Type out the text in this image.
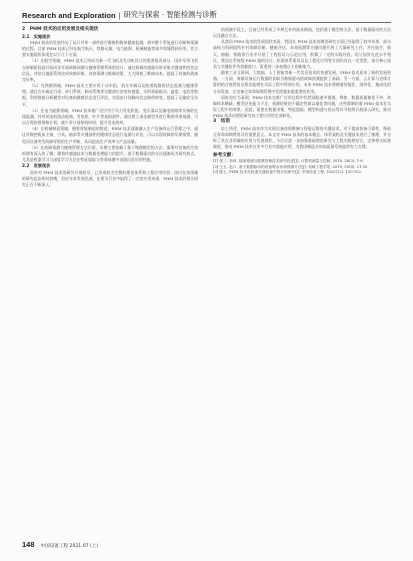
Research and Exploration | 研究与探索 · 智能检测与诊断
2　PHM 技术的应用发展及相关现状
2.1　实施现状

PHM 技术的发展经历了从只对单一部件进行维修和简单健康监测，到对整个系统进行诊断和预测的过程。目前 PHM 技术已经在航空航天、铁路运输、电力能源、机械制造等诸多领域得到应用，其主要实施现状体现在以下几个方面。

（1）在航空领域，PHM 技术已经成为新一代飞机及发动机设计的重要组成部分，国外军用飞机在研制阶段就开始同步开展故障预测与健康管理系统的设计，通过机载传感器实时采集关键部件的状态信息，并结合地面系统完成故障诊断、寿命预测与维修决策，大大降低了维修成本，提高了装备的战备完好率。

（2）在铁路领域，PHM 技术主要应用于动车组、机车车辆以及轨道线路的状态监测与健康管理。通过在车辆走行部、牵引系统、制动系统等关键部位安装传感器，实时获取振动、温度、电流等数据，利用数据分析模型对设备的健康状态进行评估，实现由计划修向状态修的转变，提高了运输安全水平。

（3）在电力能源领域，PHM 技术被广泛应用于风力发电机组、变压器以及输电线路等设备的在线监测。针对风电机组齿轮箱、发电机、叶片等易损部件，通过建立退化模型并进行剩余寿命预测，可以合理安排维修计划，减少非计划停机时间，提升发电效率。

（4）在机械制造领域，随着智能制造的推进，PHM 技术逐渐融入生产设备的运行管理之中。通过对数控机床主轴、刀具、轴承等关键部件的健康状态进行监测与评估，可以实现故障的早期预警，避免因设备突发故障导致的生产中断，从而提高生产效率与产品质量。

（5）在故障预测与健康管理方法层面，早期主要依赖于基于物理模型的方法，需要对设备的失效机理有深入的了解；随着传感器技术与数据处理能力的提升，基于数据驱动的方法逐渐成为研究热点，尤其是机器学习与深度学习方法在特征提取与寿命预测中表现出良好的性能。

2.2　发展现状

国外对 PHM 技术的研究开展较早，已形成较为完整的理论体系和工程应用经验；国内在该领域的研究起步相对较晚，但近年来发展迅速，在相关行业中取得了一定的应用成果，PHM 技术的相关研究正在不断深入。

的预测手段上，目前已经形成了多种互补的技术路线，包括基于模型的方法、基于数据驱动的方法以及融合方法。

从我国 PHM 技术的发展现状来看，我国在 PHM 技术的理论研究方面已经取得了较多成果，部分高校与科研院所针对故障诊断、健康评估、寿命预测等关键问题开展了大量研究工作，并在航空、航天、船舶、铁路等行业中开展了工程验证与示范应用，积累了一定的实践经验。但与国外先进水平相比，我国在系统级 PHM 架构设计、标准体系建设以及工程化应用等方面仍存在一定差距，部分核心技术与关键软件仍依赖进口，需要进一步加强自主创新能力。

随着工业互联网、大数据、人工智能等新一代信息技术的快速发展，PHM 技术迎来了新的发展机遇。一方面，海量设备运行数据的获取为数据驱动的故障预测提供了基础；另一方面，云计算与边缘计算的结合使得复杂算法能够在实际工程中得到应用。未来 PHM 技术将朝着智能化、网络化、集成化的方向发展，在设备全寿命周期管理中发挥越来越重要的作用。

同时也应当看到，PHM 技术在推广应用过程中仍然面临诸多挑战，例如：数据质量参差不齐、故障样本稀缺、模型泛化能力不足、预测结果的不确定性难以量化等问题，这些都制约着 PHM 技术在实际工程中的效果。因此，需要在数据采集、特征提取、模型构建与验证等环节持续开展深入研究，推动 PHM 技术由理论研究向工程应用的全面转化。

3　结语

综上所述，PHM 技术作为实现设备视情维修与智能运维的关键技术，对于提高装备可靠性、降低全寿命周期费用具有重要意义。本文对 PHM 技术的基本概念、体系架构及关键技术进行了梳理，并分析了其在各领域的应用与发展现状。今后应进一步加强基础理论研究与工程实践相结合，完善相关标准规范，推动 PHM 技术在更多行业中落地应用，为我国制造业的高质量发展提供有力支撑。

参考文献：
[1] 张三, 李四. 故障预测与健康管理技术研究综述[J]. 计算机测量与控制, 2018, 26(3): 1-6.
[2] 王五, 赵六. 基于数据驱动的设备剩余寿命预测方法[J]. 机械工程学报, 2019, 55(8): 21-30.
[3] 陈七. PHM 技术在轨道交通装备中的应用研究[J]. 中国设备工程, 2020(12): 150-152.
148 中国设备工程 2021.07 (上)
